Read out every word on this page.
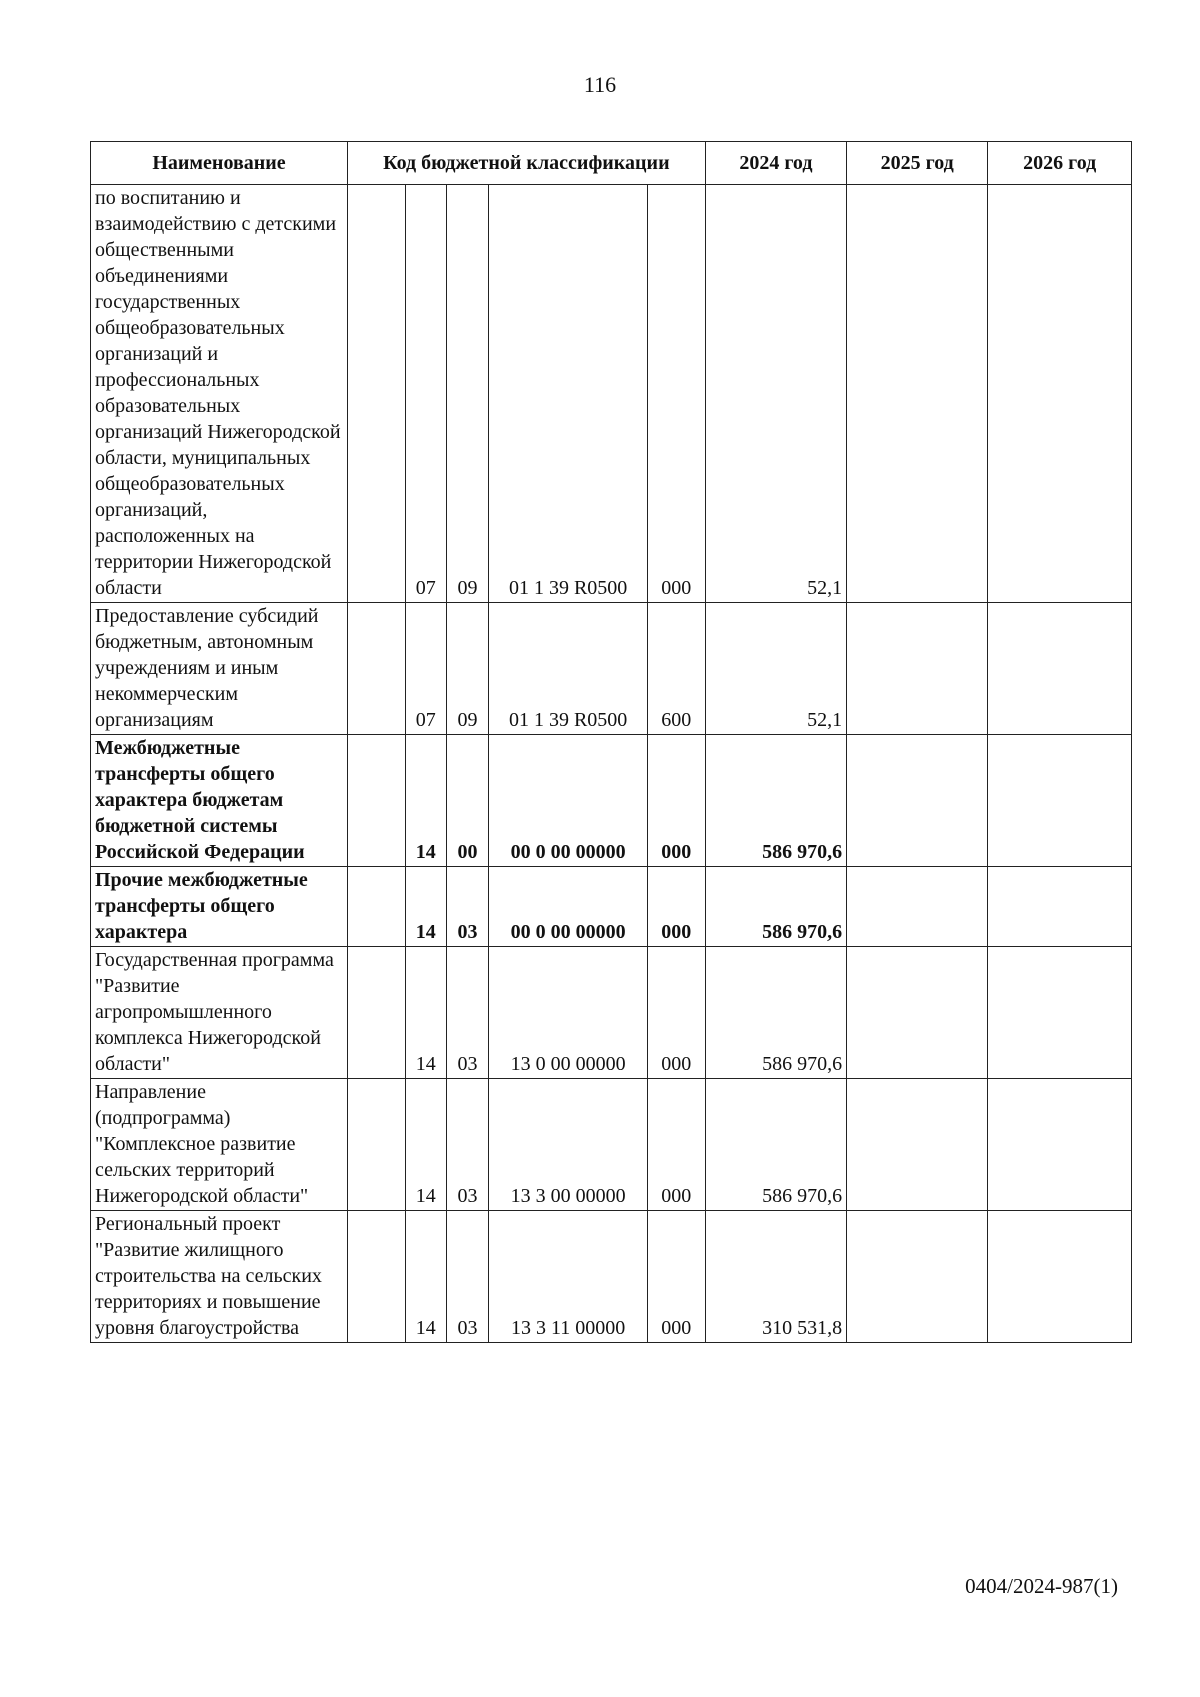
116
Наименование	Код бюджетной классификации					2024 год	2025 год	2026 год
по воспитанию и взаимодействию с детскими общественными объединениями государственных общеобразовательных организаций и профессиональных образовательных организаций Нижегородской области, муниципальных общеобразовательных организаций, расположенных на территории Нижегородской области		07	09	01 1 39 R0500	000	52,1		
Предоставление субсидий бюджетным, автономным учреждениям и иным некоммерческим организациям		07	09	01 1 39 R0500	600	52,1		
Межбюджетные трансферты общего характера бюджетам бюджетной системы Российской Федерации		14	00	00 0 00 00000	000	586 970,6		
Прочие межбюджетные трансферты общего характера		14	03	00 0 00 00000	000	586 970,6		
Государственная программа "Развитие агропромышленного комплекса Нижегородской области"		14	03	13 0 00 00000	000	586 970,6		
Направление (подпрограмма) "Комплексное развитие сельских территорий Нижегородской области"		14	03	13 3 00 00000	000	586 970,6		
Региональный проект "Развитие жилищного строительства на сельских территориях и повышение уровня благоустройства		14	03	13 3 11 00000	000	310 531,8		
0404/2024-987(1)
